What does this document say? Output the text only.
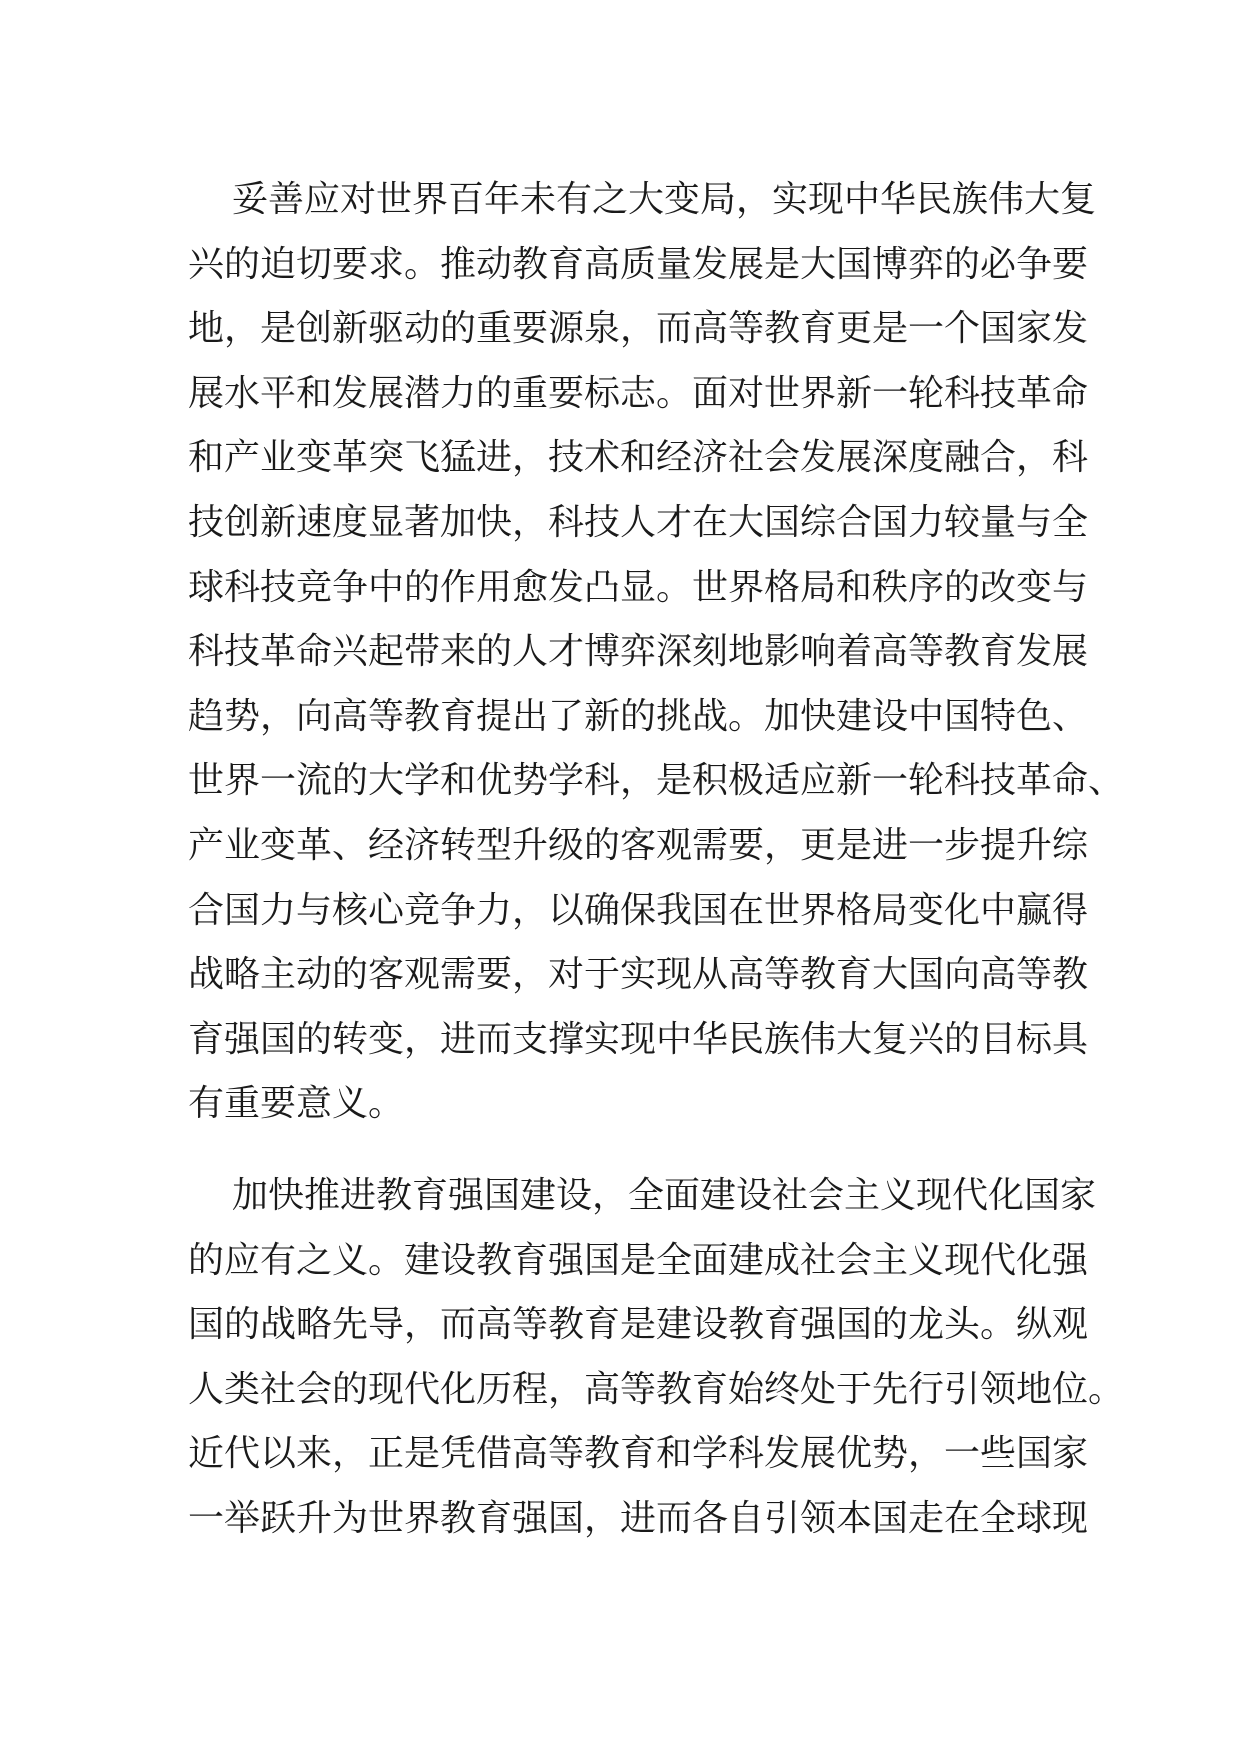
妥善应对世界百年未有之大变局，实现中华民族伟大复
兴的迫切要求。推动教育高质量发展是大国博弈的必争要
地，是创新驱动的重要源泉，而高等教育更是一个国家发
展水平和发展潜力的重要标志。面对世界新一轮科技革命
和产业变革突飞猛进，技术和经济社会发展深度融合，科
技创新速度显著加快，科技人才在大国综合国力较量与全
球科技竞争中的作用愈发凸显。世界格局和秩序的改变与
科技革命兴起带来的人才博弈深刻地影响着高等教育发展
趋势，向高等教育提出了新的挑战。加快建设中国特色、
世界一流的大学和优势学科，是积极适应新一轮科技革命、
产业变革、经济转型升级的客观需要，更是进一步提升综
合国力与核心竞争力，以确保我国在世界格局变化中赢得
战略主动的客观需要，对于实现从高等教育大国向高等教
育强国的转变，进而支撑实现中华民族伟大复兴的目标具
有重要意义。
加快推进教育强国建设，全面建设社会主义现代化国家
的应有之义。建设教育强国是全面建成社会主义现代化强
国的战略先导，而高等教育是建设教育强国的龙头。纵观
人类社会的现代化历程，高等教育始终处于先行引领地位。
近代以来，正是凭借高等教育和学科发展优势，一些国家
一举跃升为世界教育强国，进而各自引领本国走在全球现
